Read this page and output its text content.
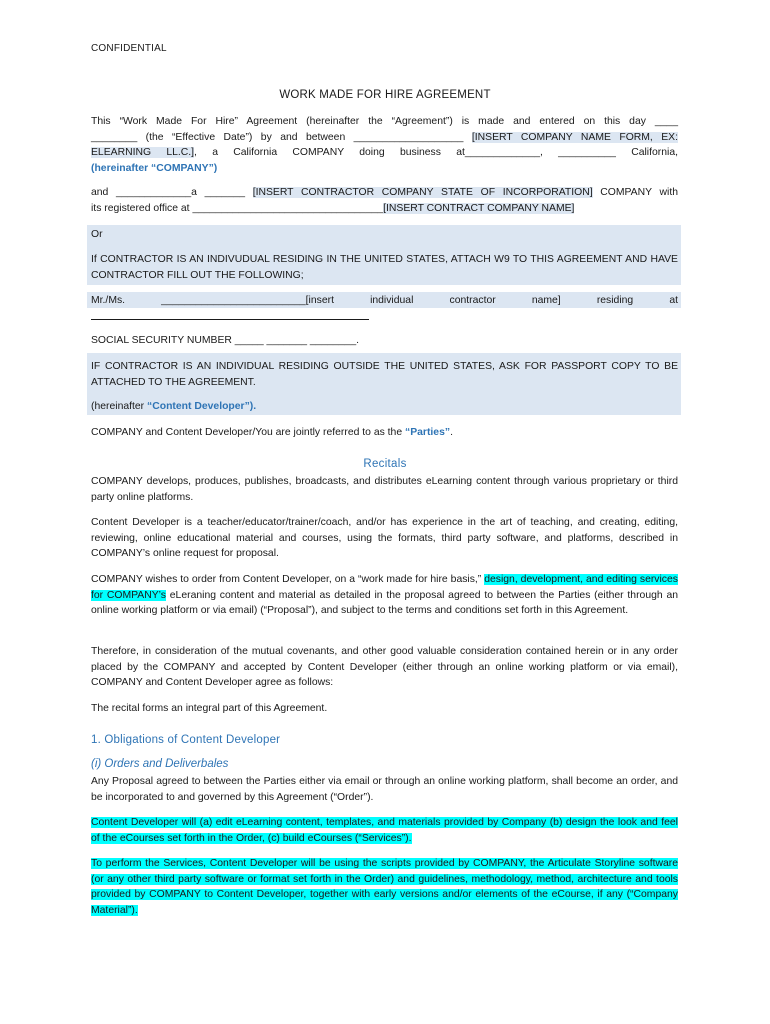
CONFIDENTIAL
WORK MADE FOR HIRE AGREEMENT
This “Work Made For Hire” Agreement (hereinafter the “Agreement”) is made and entered on this day ____
________ (the “Effective Date”) by and between ___________________ [INSERT COMPANY NAME FORM, EX:
ELEARNING LL.C.], a California COMPANY doing business at_____________, __________ California,
(hereinafter “COMPANY”)
and _____________a _______ [INSERT CONTRACTOR COMPANY STATE OF INCORPORATION] COMPANY with
its registered office at _________________________________[INSERT CONTRACT COMPANY NAME]
Or
If CONTRACTOR IS AN INDIVUDUAL RESIDING IN THE UNITED STATES, ATTACH W9 TO THIS AGREEMENT AND HAVE CONTRACTOR FILL OUT THE FOLLOWING;
Mr./Ms.	_________________________[insert	individual	contractor	name]	residing	at
SOCIAL SECURITY NUMBER _____ _______ ________.
IF CONTRACTOR IS AN INDIVIDUAL RESIDING OUTSIDE THE UNITED STATES, ASK FOR PASSPORT COPY TO BE ATTACHED TO THE AGREEMENT.
(hereinafter “Content Developer”).
COMPANY and Content Developer/You are jointly referred to as the “Parties”.
Recitals
COMPANY develops, produces, publishes, broadcasts, and distributes eLearning content through various proprietary or third party online platforms.
Content Developer is a teacher/educator/trainer/coach, and/or has experience in the art of teaching, and creating, editing, reviewing, online educational material and courses, using the formats, third party software, and platforms, described in COMPANY’s online request for proposal.
COMPANY wishes to order from Content Developer, on a “work made for hire basis,” design, development, and editing services for COMPANY’s eLeraning content and material as detailed in the proposal agreed to between the Parties (either through an online working platform or via email) (“Proposal”), and subject to the terms and conditions set forth in this Agreement.
Therefore, in consideration of the mutual covenants, and other good valuable consideration contained herein or in any order placed by the COMPANY and accepted by Content Developer (either through an online working platform or via email), COMPANY and Content Developer agree as follows:
The recital forms an integral part of this Agreement.
1. Obligations of Content Developer
(i) Orders and Deliverbales
Any Proposal agreed to between the Parties either via email or through an online working platform, shall become an order, and be incorporated to and governed by this Agreement (“Order”).
Content Developer will (a) edit eLearning content, templates, and materials provided by Company (b) design the look and feel of the eCourses set forth in the Order, (c) build eCourses (“Services”).
To perform the Services, Content Developer will be using the scripts provided by COMPANY, the Articulate Storyline software (or any other third party software or format set forth in the Order) and guidelines, methodology, method, architecture and tools provided by COMPANY to Content Developer, together with early versions and/or elements of the eCourse, if any (“Company Material”).
